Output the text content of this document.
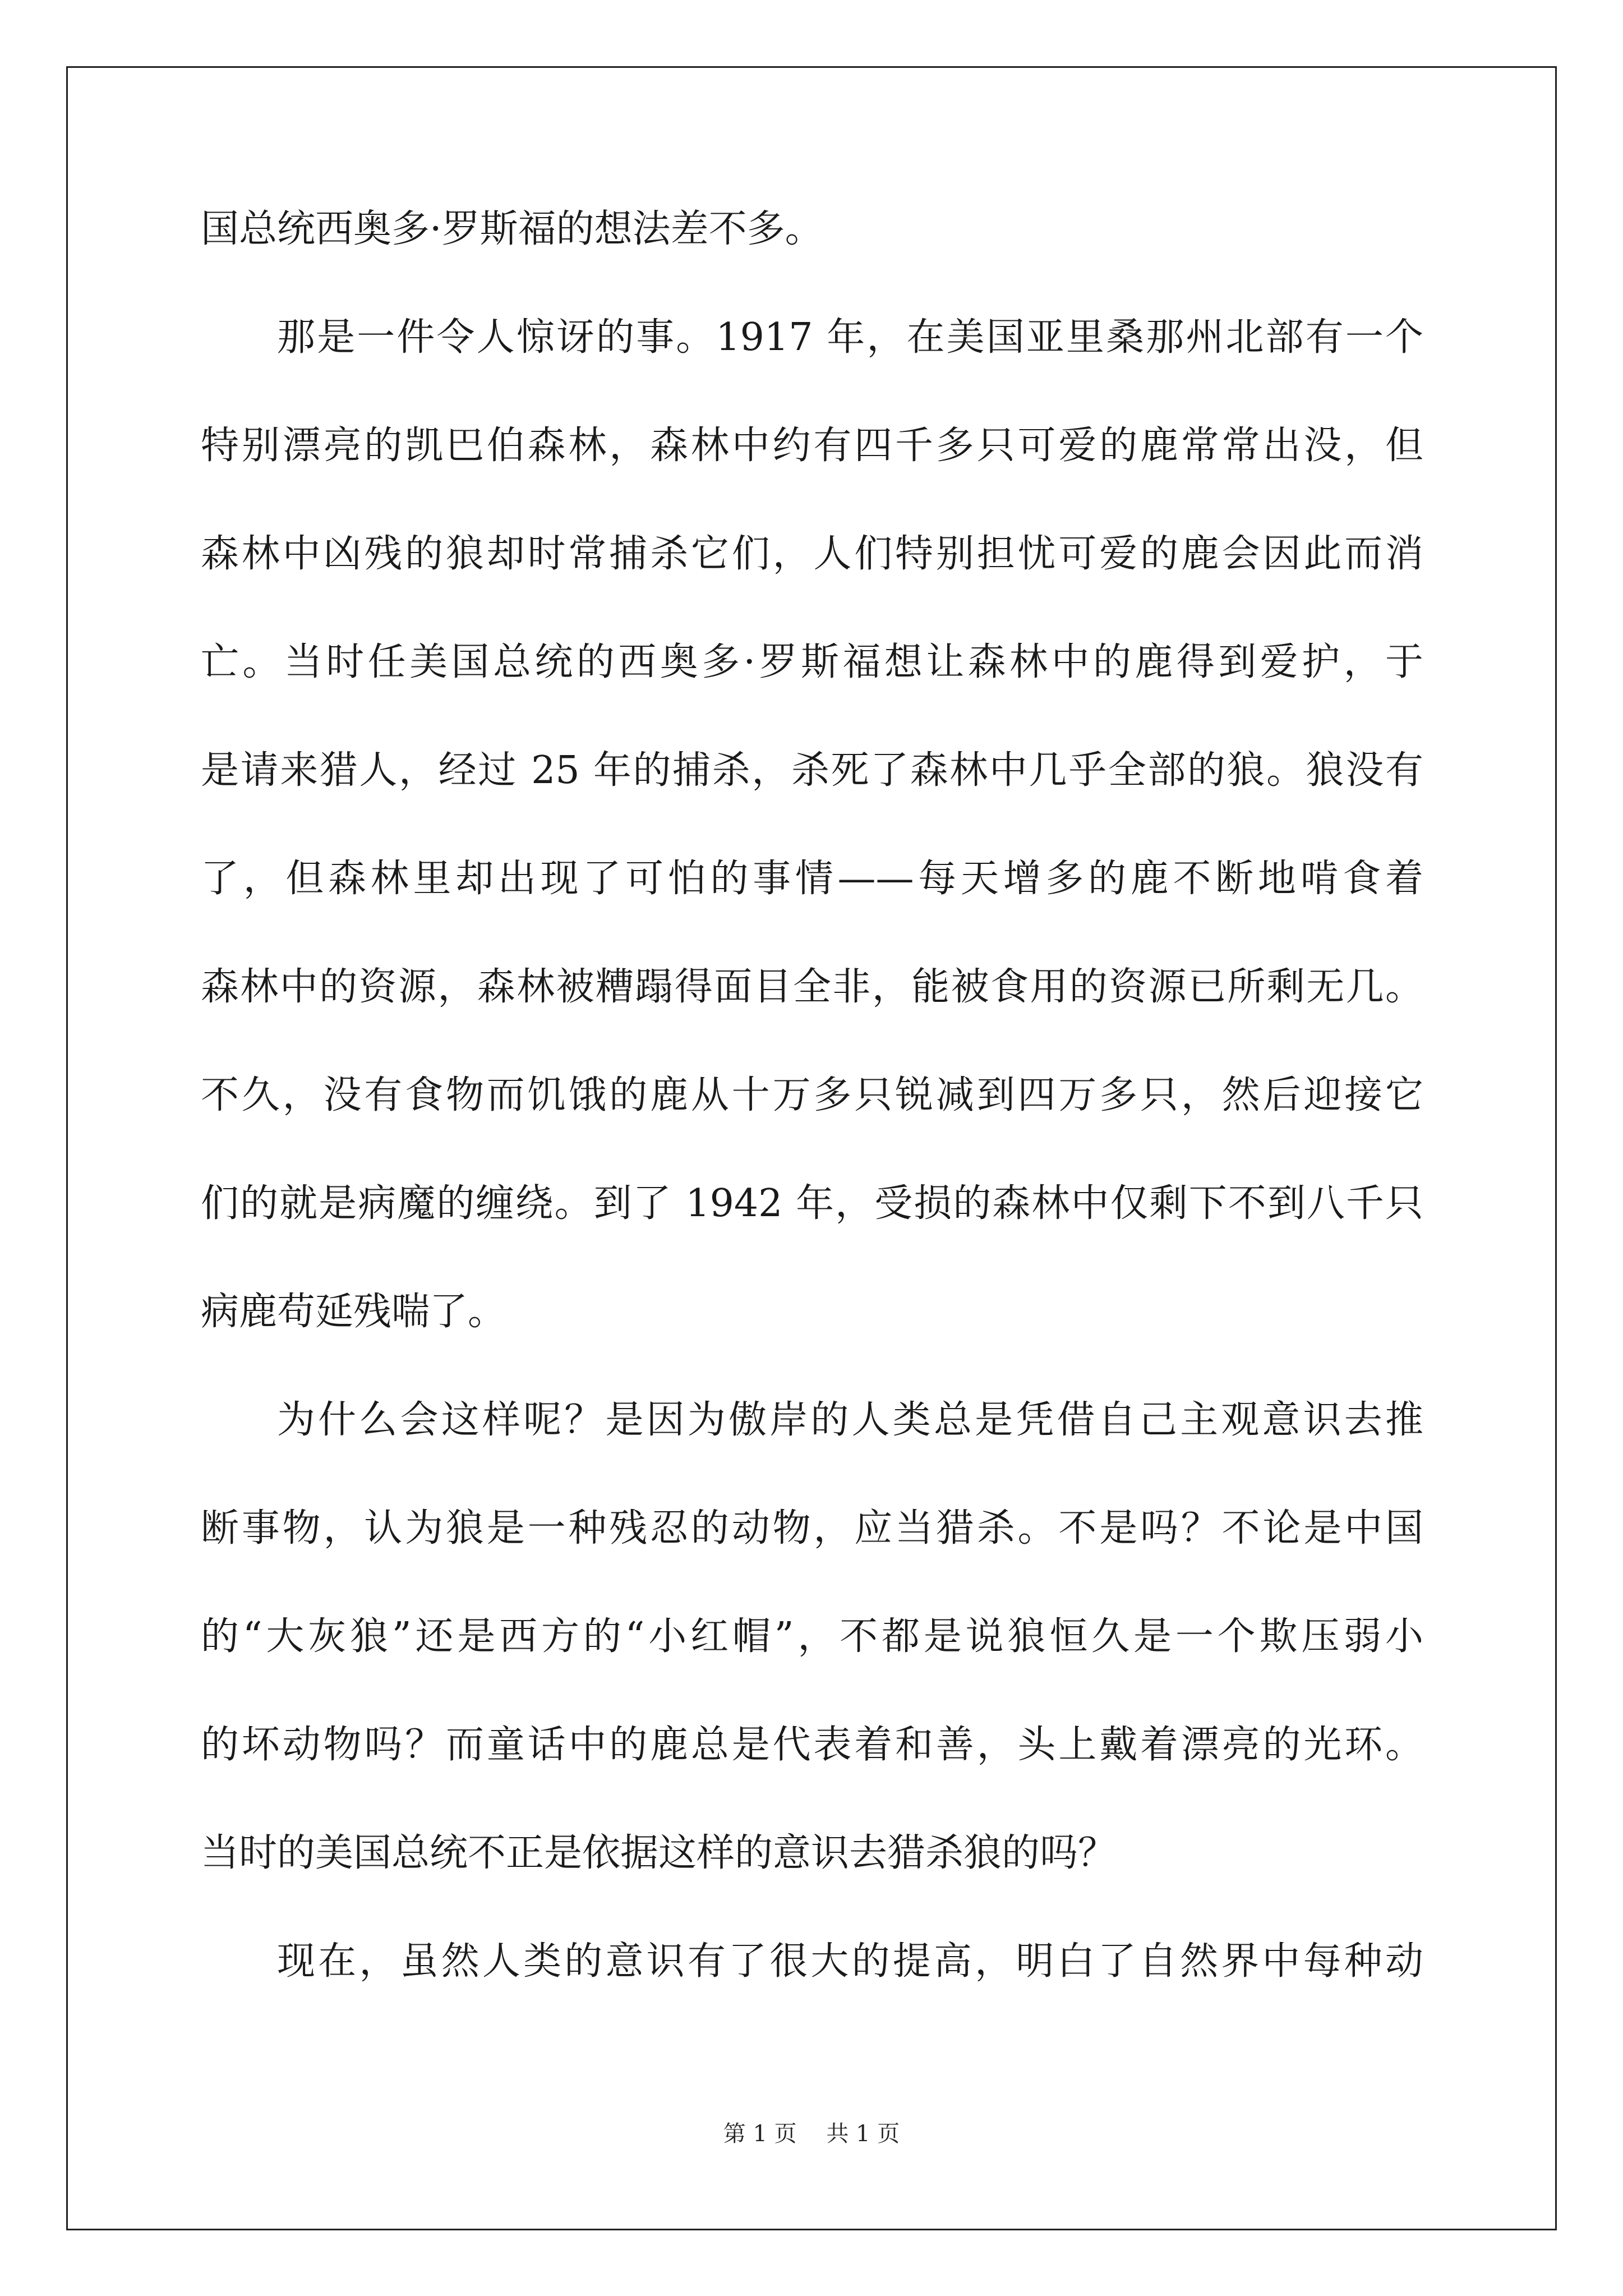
国总统西奥多·罗斯福的想法差不多。
那是一件令人惊讶的事。1917 年，在美国亚里桑那州北部有一个
特别漂亮的凯巴伯森林，森林中约有四千多只可爱的鹿常常出没，但
森林中凶残的狼却时常捕杀它们，人们特别担忧可爱的鹿会因此而消
亡。当时任美国总统的西奥多·罗斯福想让森林中的鹿得到爱护，于
是请来猎人，经过 25 年的捕杀，杀死了森林中几乎全部的狼。狼没有
了，但森林里却出现了可怕的事情——每天增多的鹿不断地啃食着
森林中的资源，森林被糟蹋得面目全非，能被食用的资源已所剩无几。
不久，没有食物而饥饿的鹿从十万多只锐减到四万多只，然后迎接它
们的就是病魔的缠绕。到了 1942 年，受损的森林中仅剩下不到八千只
病鹿苟延残喘了。
为什么会这样呢？是因为傲岸的人类总是凭借自己主观意识去推
断事物，认为狼是一种残忍的动物，应当猎杀。不是吗？不论是中国
的“大灰狼”还是西方的“小红帽”，不都是说狼恒久是一个欺压弱小
的坏动物吗？而童话中的鹿总是代表着和善，头上戴着漂亮的光环。
当时的美国总统不正是依据这样的意识去猎杀狼的吗？
现在，虽然人类的意识有了很大的提高，明白了自然界中每种动
第 1 页　 共 1 页
